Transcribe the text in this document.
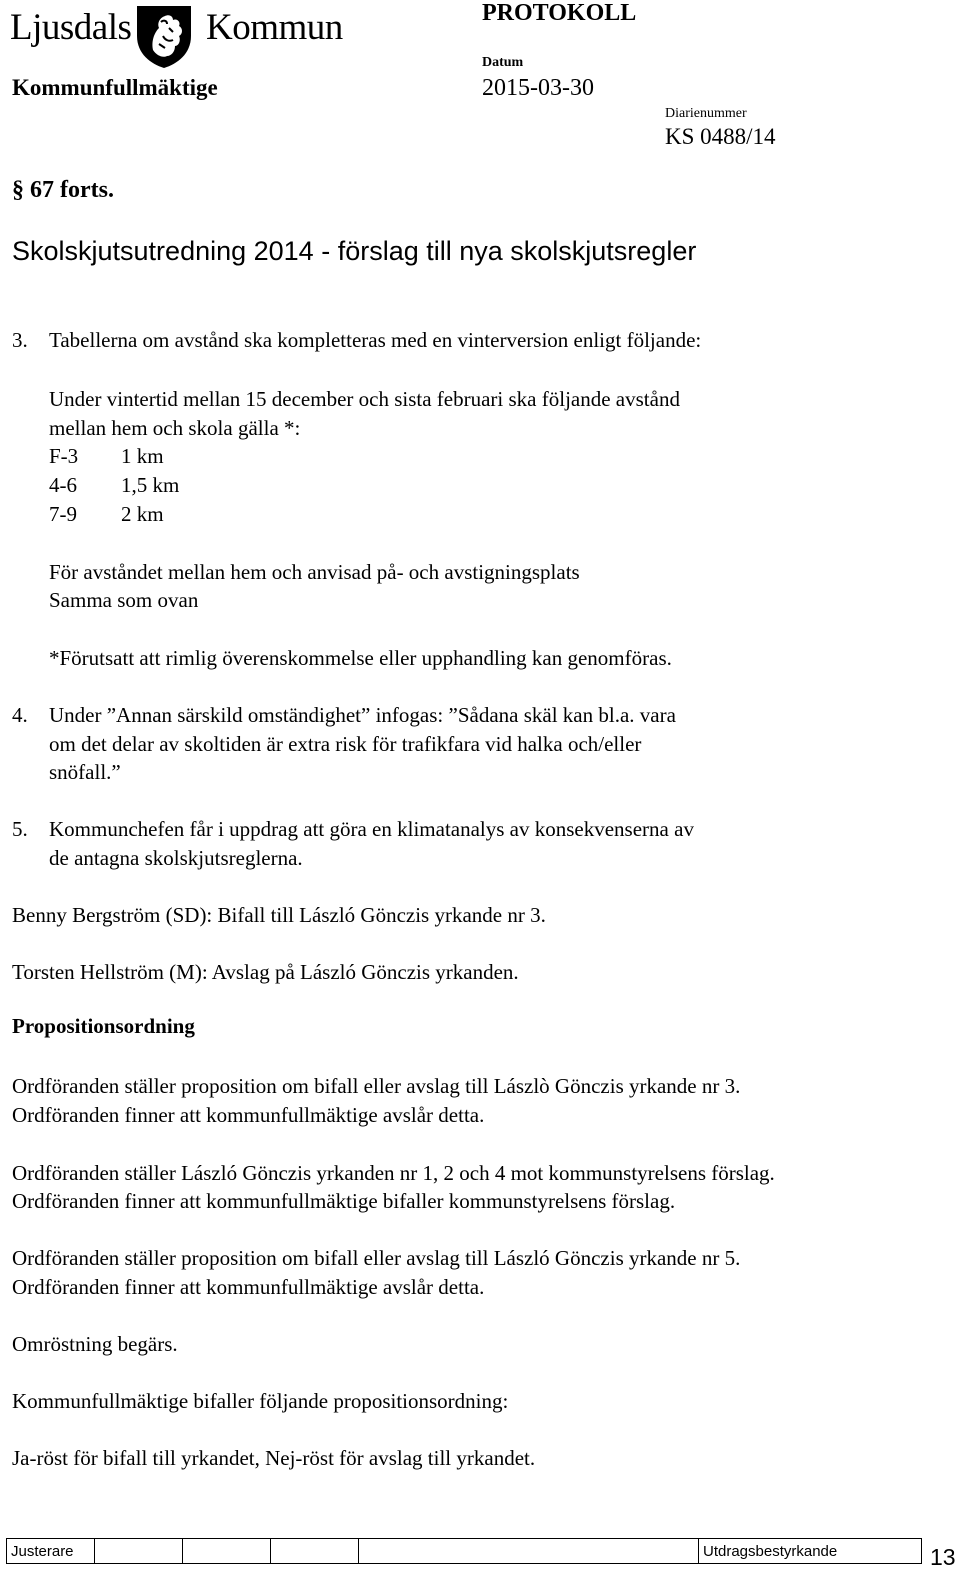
Ljusdals Kommun	PROTOKOLL
Kommunfullmäktige
Datum
2015-03-30
Diarienummer
KS 0488/14
§ 67 forts.
Skolskjutsutredning 2014 - förslag till nya skolskjutsregler
3. Tabellerna om avstånd ska kompletteras med en vinterversion enligt följande:
Under vintertid mellan 15 december och sista februari ska följande avstånd
mellan hem och skola gälla *:
F-3 1 km
4-6 1,5 km
7-9 2 km
För avståndet mellan hem och anvisad på- och avstigningsplats
Samma som ovan
*Förutsatt att rimlig överenskommelse eller upphandling kan genomföras.
4. Under ”Annan särskild omständighet” infogas: ”Sådana skäl kan bl.a. vara
om det delar av skoltiden är extra risk för trafikfara vid halka och/eller
snöfall.”
5. Kommunchefen får i uppdrag att göra en klimatanalys av konsekvenserna av
de antagna skolskjutsreglerna.
Benny Bergström (SD): Bifall till László Gönczis yrkande nr 3.
Torsten Hellström (M): Avslag på László Gönczis yrkanden.
Propositionsordning
Ordföranden ställer proposition om bifall eller avslag till Lászlò Gönczis yrkande nr 3.
Ordföranden finner att kommunfullmäktige avslår detta.
Ordföranden ställer László Gönczis yrkanden nr 1, 2 och 4 mot kommunstyrelsens förslag.
Ordföranden finner att kommunfullmäktige bifaller kommunstyrelsens förslag.
Ordföranden ställer proposition om bifall eller avslag till László Gönczis yrkande nr 5.
Ordföranden finner att kommunfullmäktige avslår detta.
Omröstning begärs.
Kommunfullmäktige bifaller följande propositionsordning:
Ja-röst för bifall till yrkandet, Nej-röst för avslag till yrkandet.
Justerare	Utdragsbestyrkande	13
